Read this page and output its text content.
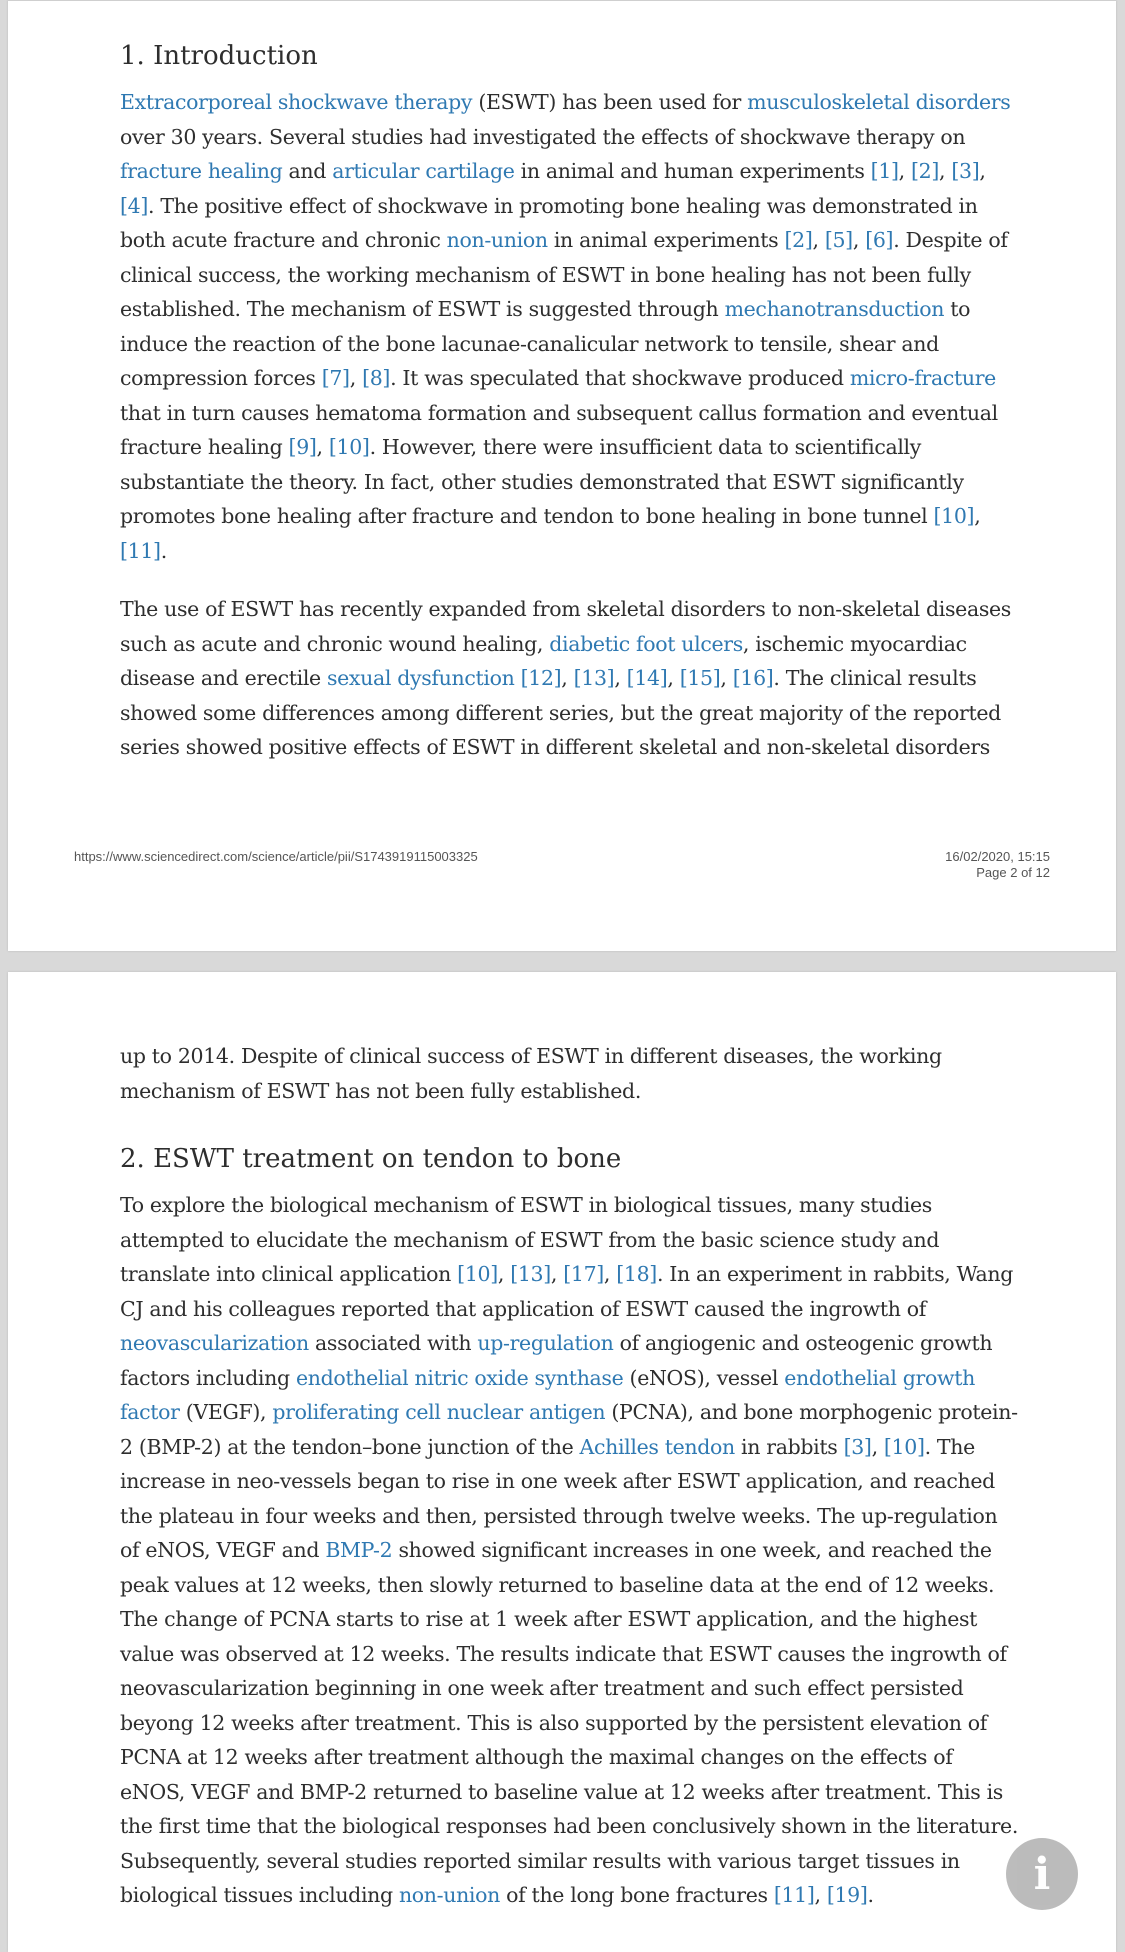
1. Introduction

Extracorporeal shockwave therapy (ESWT) has been used for musculoskeletal disorders over 30 years. Several studies had investigated the effects of shockwave therapy on fracture healing and articular cartilage in animal and human experiments [1], [2], [3], [4]. The positive effect of shockwave in promoting bone healing was demonstrated in both acute fracture and chronic non-union in animal experiments [2], [5], [6]. Despite of clinical success, the working mechanism of ESWT in bone healing has not been fully established. The mechanism of ESWT is suggested through mechanotransduction to induce the reaction of the bone lacunae-canalicular network to tensile, shear and compression forces [7], [8]. It was speculated that shockwave produced micro-fracture that in turn causes hematoma formation and subsequent callus formation and eventual fracture healing [9], [10]. However, there were insufficient data to scientifically substantiate the theory. In fact, other studies demonstrated that ESWT significantly promotes bone healing after fracture and tendon to bone healing in bone tunnel [10], [11].

The use of ESWT has recently expanded from skeletal disorders to non-skeletal diseases such as acute and chronic wound healing, diabetic foot ulcers, ischemic myocardiac disease and erectile sexual dysfunction [12], [13], [14], [15], [16]. The clinical results showed some differences among different series, but the great majority of the reported series showed positive effects of ESWT in different skeletal and non-skeletal disorders

https://www.sciencedirect.com/science/article/pii/S1743919115003325	16/02/2020, 15:15
Page 2 of 12

up to 2014. Despite of clinical success of ESWT in different diseases, the working mechanism of ESWT has not been fully established.

2. ESWT treatment on tendon to bone

To explore the biological mechanism of ESWT in biological tissues, many studies attempted to elucidate the mechanism of ESWT from the basic science study and translate into clinical application [10], [13], [17], [18]. In an experiment in rabbits, Wang CJ and his colleagues reported that application of ESWT caused the ingrowth of neovascularization associated with up-regulation of angiogenic and osteogenic growth factors including endothelial nitric oxide synthase (eNOS), vessel endothelial growth factor (VEGF), proliferating cell nuclear antigen (PCNA), and bone morphogenic protein-2 (BMP-2) at the tendon–bone junction of the Achilles tendon in rabbits [3], [10]. The increase in neo-vessels began to rise in one week after ESWT application, and reached the plateau in four weeks and then, persisted through twelve weeks. The up-regulation of eNOS, VEGF and BMP-2 showed significant increases in one week, and reached the peak values at 12 weeks, then slowly returned to baseline data at the end of 12 weeks. The change of PCNA starts to rise at 1 week after ESWT application, and the highest value was observed at 12 weeks. The results indicate that ESWT causes the ingrowth of neovascularization beginning in one week after treatment and such effect persisted beyong 12 weeks after treatment. This is also supported by the persistent elevation of PCNA at 12 weeks after treatment although the maximal changes on the effects of eNOS, VEGF and BMP-2 returned to baseline value at 12 weeks after treatment. This is the first time that the biological responses had been conclusively shown in the literature. Subsequently, several studies reported similar results with various target tissues in biological tissues including non-union of the long bone fractures [11], [19].	i
